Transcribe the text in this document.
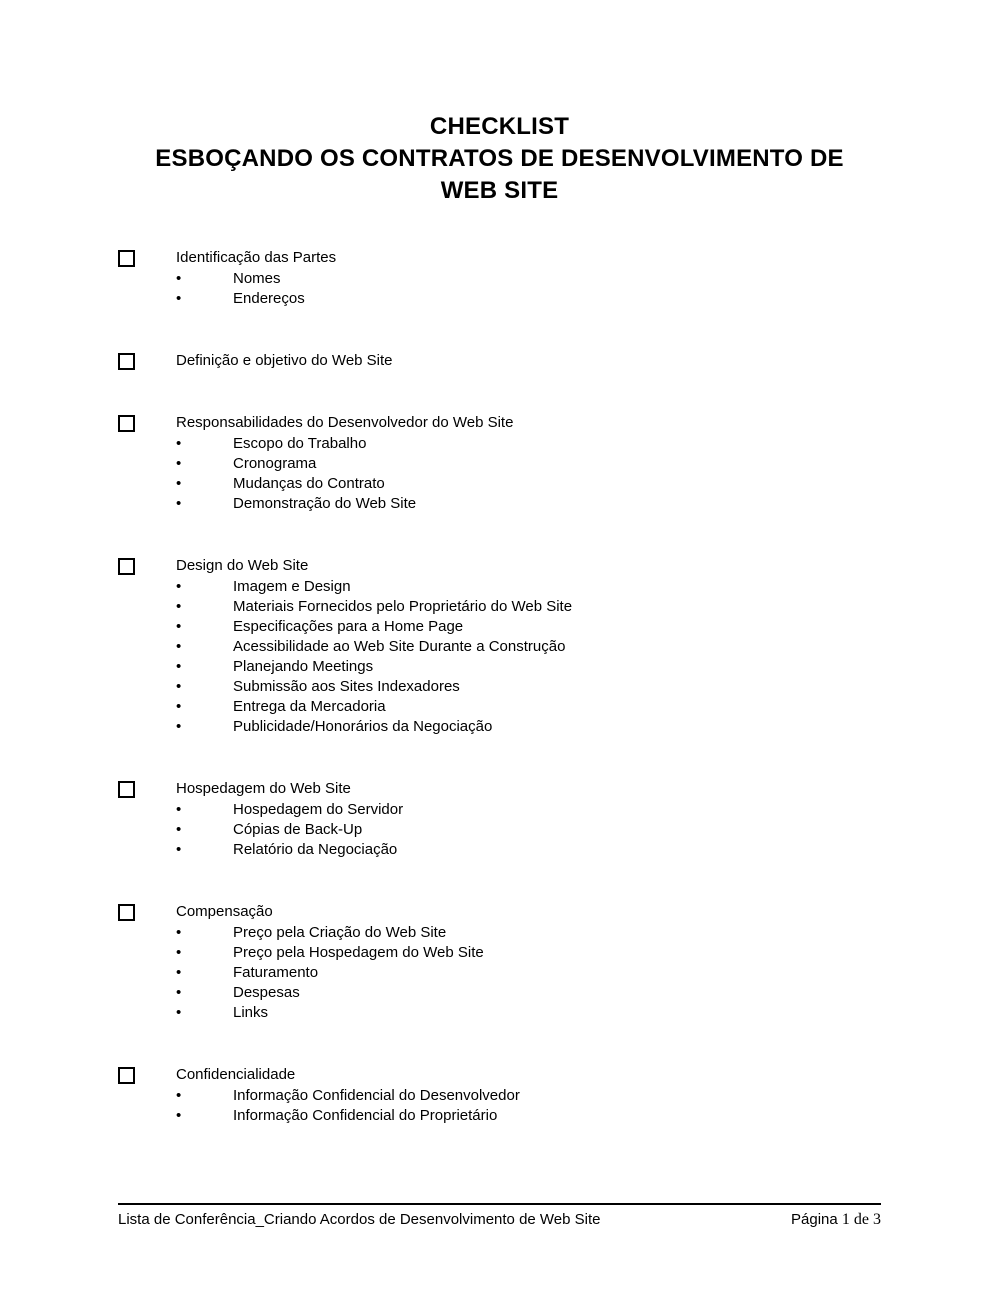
CHECKLIST
ESBOÇANDO OS CONTRATOS DE DESENVOLVIMENTO DE
WEB SITE
Identificação das Partes
•	Nomes
•	Endereços
Definição e objetivo do Web Site
Responsabilidades do Desenvolvedor do Web Site
•	Escopo do Trabalho
•	Cronograma
•	Mudanças do Contrato
•	Demonstração do Web Site
Design do Web Site
•	Imagem e Design
•	Materiais Fornecidos pelo Proprietário do Web Site
•	Especificações para a Home Page
•	Acessibilidade ao Web Site Durante a Construção
•	Planejando Meetings
•	Submissão aos Sites Indexadores
•	Entrega da Mercadoria
•	Publicidade/Honorários da Negociação
Hospedagem do Web Site
•	Hospedagem do Servidor
•	Cópias de Back-Up
•	Relatório da Negociação
Compensação
•	Preço pela Criação do Web Site
•	Preço pela Hospedagem do Web Site
•	Faturamento
•	Despesas
•	Links
Confidencialidade
•	Informação Confidencial do Desenvolvedor
•	Informação Confidencial do Proprietário
Lista de Conferência_Criando Acordos de Desenvolvimento de Web Site	Página 1 de 3
